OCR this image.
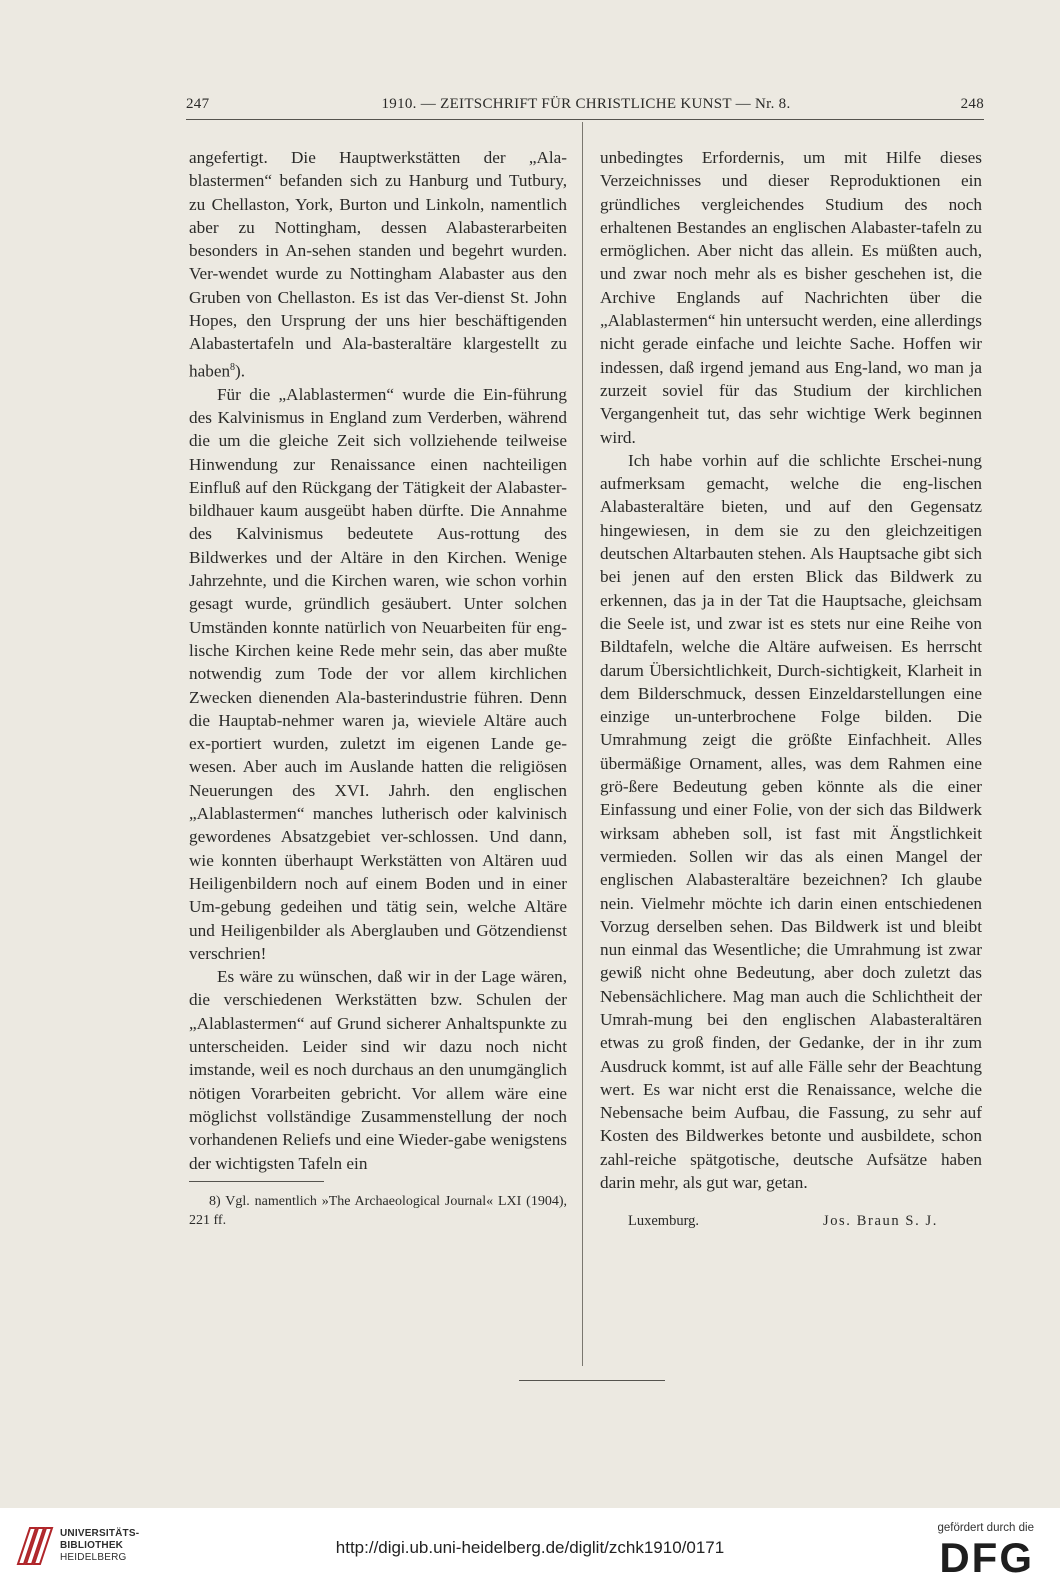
247	1910. — ZEITSCHRIFT FÜR CHRISTLICHE KUNST — Nr. 8.	248

angefertigt. Die Hauptwerkstätten der „Ala-blastermen“ befanden sich zu Hanburg und Tutbury, zu Chellaston, York, Burton und Linkoln, namentlich aber zu Nottingham, dessen Alabasterarbeiten besonders in An-sehen standen und begehrt wurden. Ver-wendet wurde zu Nottingham Alabaster aus den Gruben von Chellaston. Es ist das Ver-dienst St. John Hopes, den Ursprung der uns hier beschäftigenden Alabastertafeln und Ala-basteraltäre klargestellt zu haben$^8$).

Für die „Alablastermen“ wurde die Ein-führung des Kalvinismus in England zum Verderben, während die um die gleiche Zeit sich vollziehende teilweise Hinwendung zur Renaissance einen nachteiligen Einfluß auf den Rückgang der Tätigkeit der Alabaster-bildhauer kaum ausgeübt haben dürfte. Die Annahme des Kalvinismus bedeutete Aus-rottung des Bildwerkes und der Altäre in den Kirchen. Wenige Jahrzehnte, und die Kirchen waren, wie schon vorhin gesagt wurde, gründlich gesäubert. Unter solchen Umständen konnte natürlich von Neuarbeiten für eng-lische Kirchen keine Rede mehr sein, das aber mußte notwendig zum Tode der vor allem kirchlichen Zwecken dienenden Ala-basterindustrie führen. Denn die Hauptab-nehmer waren ja, wieviele Altäre auch ex-portiert wurden, zuletzt im eigenen Lande ge-wesen. Aber auch im Auslande hatten die religiösen Neuerungen des XVI. Jahrh. den englischen „Alablastermen“ manches lutherisch oder kalvinisch gewordenes Absatzgebiet ver-schlossen. Und dann, wie konnten überhaupt Werkstätten von Altären uud Heiligenbildern noch auf einem Boden und in einer Um-gebung gedeihen und tätig sein, welche Altäre und Heiligenbilder als Aberglauben und Götzendienst verschrien!

Es wäre zu wünschen, daß wir in der Lage wären, die verschiedenen Werkstätten bzw. Schulen der „Alablastermen“ auf Grund sicherer Anhaltspunkte zu unterscheiden. Leider sind wir dazu noch nicht imstande, weil es noch durchaus an den unumgänglich nötigen Vorarbeiten gebricht. Vor allem wäre eine möglichst vollständige Zusammenstellung der noch vorhandenen Reliefs und eine Wieder-gabe wenigstens der wichtigsten Tafeln ein

8) Vgl. namentlich »The Archaeological Journal« LXI (1904), 221 ff.

unbedingtes Erfordernis, um mit Hilfe dieses Verzeichnisses und dieser Reproduktionen ein gründliches vergleichendes Studium des noch erhaltenen Bestandes an englischen Alabaster-tafeln zu ermöglichen. Aber nicht das allein. Es müßten auch, und zwar noch mehr als es bisher geschehen ist, die Archive Englands auf Nachrichten über die „Alablastermen“ hin untersucht werden, eine allerdings nicht gerade einfache und leichte Sache. Hoffen wir indessen, daß irgend jemand aus Eng-land, wo man ja zurzeit soviel für das Studium der kirchlichen Vergangenheit tut, das sehr wichtige Werk beginnen wird.

Ich habe vorhin auf die schlichte Erschei-nung aufmerksam gemacht, welche die eng-lischen Alabasteraltäre bieten, und auf den Gegensatz hingewiesen, in dem sie zu den gleichzeitigen deutschen Altarbauten stehen. Als Hauptsache gibt sich bei jenen auf den ersten Blick das Bildwerk zu erkennen, das ja in der Tat die Hauptsache, gleichsam die Seele ist, und zwar ist es stets nur eine Reihe von Bildtafeln, welche die Altäre aufweisen. Es herrscht darum Übersichtlichkeit, Durch-sichtigkeit, Klarheit in dem Bilderschmuck, dessen Einzeldarstellungen eine einzige un-unterbrochene Folge bilden. Die Umrahmung zeigt die größte Einfachheit. Alles übermäßige Ornament, alles, was dem Rahmen eine grö-ßere Bedeutung geben könnte als die einer Einfassung und einer Folie, von der sich das Bildwerk wirksam abheben soll, ist fast mit Ängstlichkeit vermieden. Sollen wir das als einen Mangel der englischen Alabasteraltäre bezeichnen? Ich glaube nein. Vielmehr möchte ich darin einen entschiedenen Vorzug derselben sehen. Das Bildwerk ist und bleibt nun einmal das Wesentliche; die Umrahmung ist zwar gewiß nicht ohne Bedeutung, aber doch zuletzt das Nebensächlichere. Mag man auch die Schlichtheit der Umrah-mung bei den englischen Alabasteraltären etwas zu groß finden, der Gedanke, der in ihr zum Ausdruck kommt, ist auf alle Fälle sehr der Beachtung wert. Es war nicht erst die Renaissance, welche die Nebensache beim Aufbau, die Fassung, zu sehr auf Kosten des Bildwerkes betonte und ausbildete, schon zahl-reiche spätgotische, deutsche Aufsätze haben darin mehr, als gut war, getan.

Luxemburg.	Jos. Braun S. J.
UNIVERSITÄTS-
BIBLIOTHEK
HEIDELBERG
http://digi.ub.uni-heidelberg.de/diglit/zchk1910/0171
gefördert durch die
DFG
